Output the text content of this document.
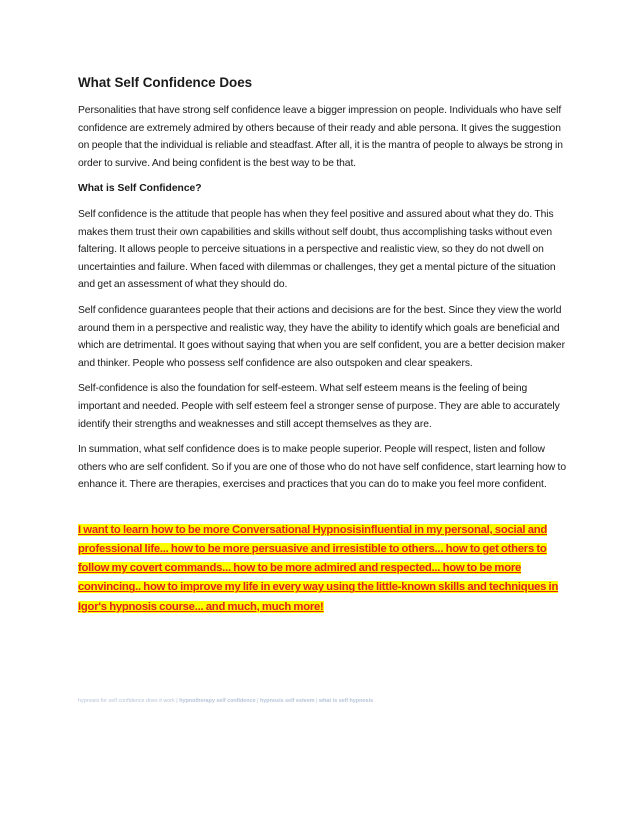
What Self Confidence Does

Personalities that have strong self confidence leave a bigger impression on people. Individuals who have self confidence are extremely admired by others because of their ready and able persona. It gives the suggestion on people that the individual is reliable and steadfast. After all, it is the mantra of people to always be strong in order to survive. And being confident is the best way to be that.

What is Self Confidence?

Self confidence is the attitude that people has when they feel positive and assured about what they do. This makes them trust their own capabilities and skills without self doubt, thus accomplishing tasks without even faltering. It allows people to perceive situations in a perspective and realistic view, so they do not dwell on uncertainties and failure. When faced with dilemmas or challenges, they get a mental picture of the situation and get an assessment of what they should do.

Self confidence guarantees people that their actions and decisions are for the best. Since they view the world around them in a perspective and realistic way, they have the ability to identify which goals are beneficial and which are detrimental. It goes without saying that when you are self confident, you are a better decision maker and thinker. People who possess self confidence are also outspoken and clear speakers.

Self-confidence is also the foundation for self-esteem. What self esteem means is the feeling of being important and needed. People with self esteem feel a stronger sense of purpose. They are able to accurately identify their strengths and weaknesses and still accept themselves as they are.

In summation, what self confidence does is to make people superior. People will respect, listen and follow others who are self confident. So if you are one of those who do not have self confidence, start learning how to enhance it. There are therapies, exercises and practices that you can do to make you feel more confident.

I want to learn how to be more Conversational Hypnosisinfluential in my personal, social and professional life... how to be more persuasive and irresistible to others... how to get others to follow my covert commands... how to be more admired and respected... how to be more convincing.. how to improve my life in every way using the little-known skills and techniques in Igor's hypnosis course... and much, much more!
hypnosis for self confidence does it work | hypnotherapy self confidence | hypnosis self esteem | what is self hypnosis
